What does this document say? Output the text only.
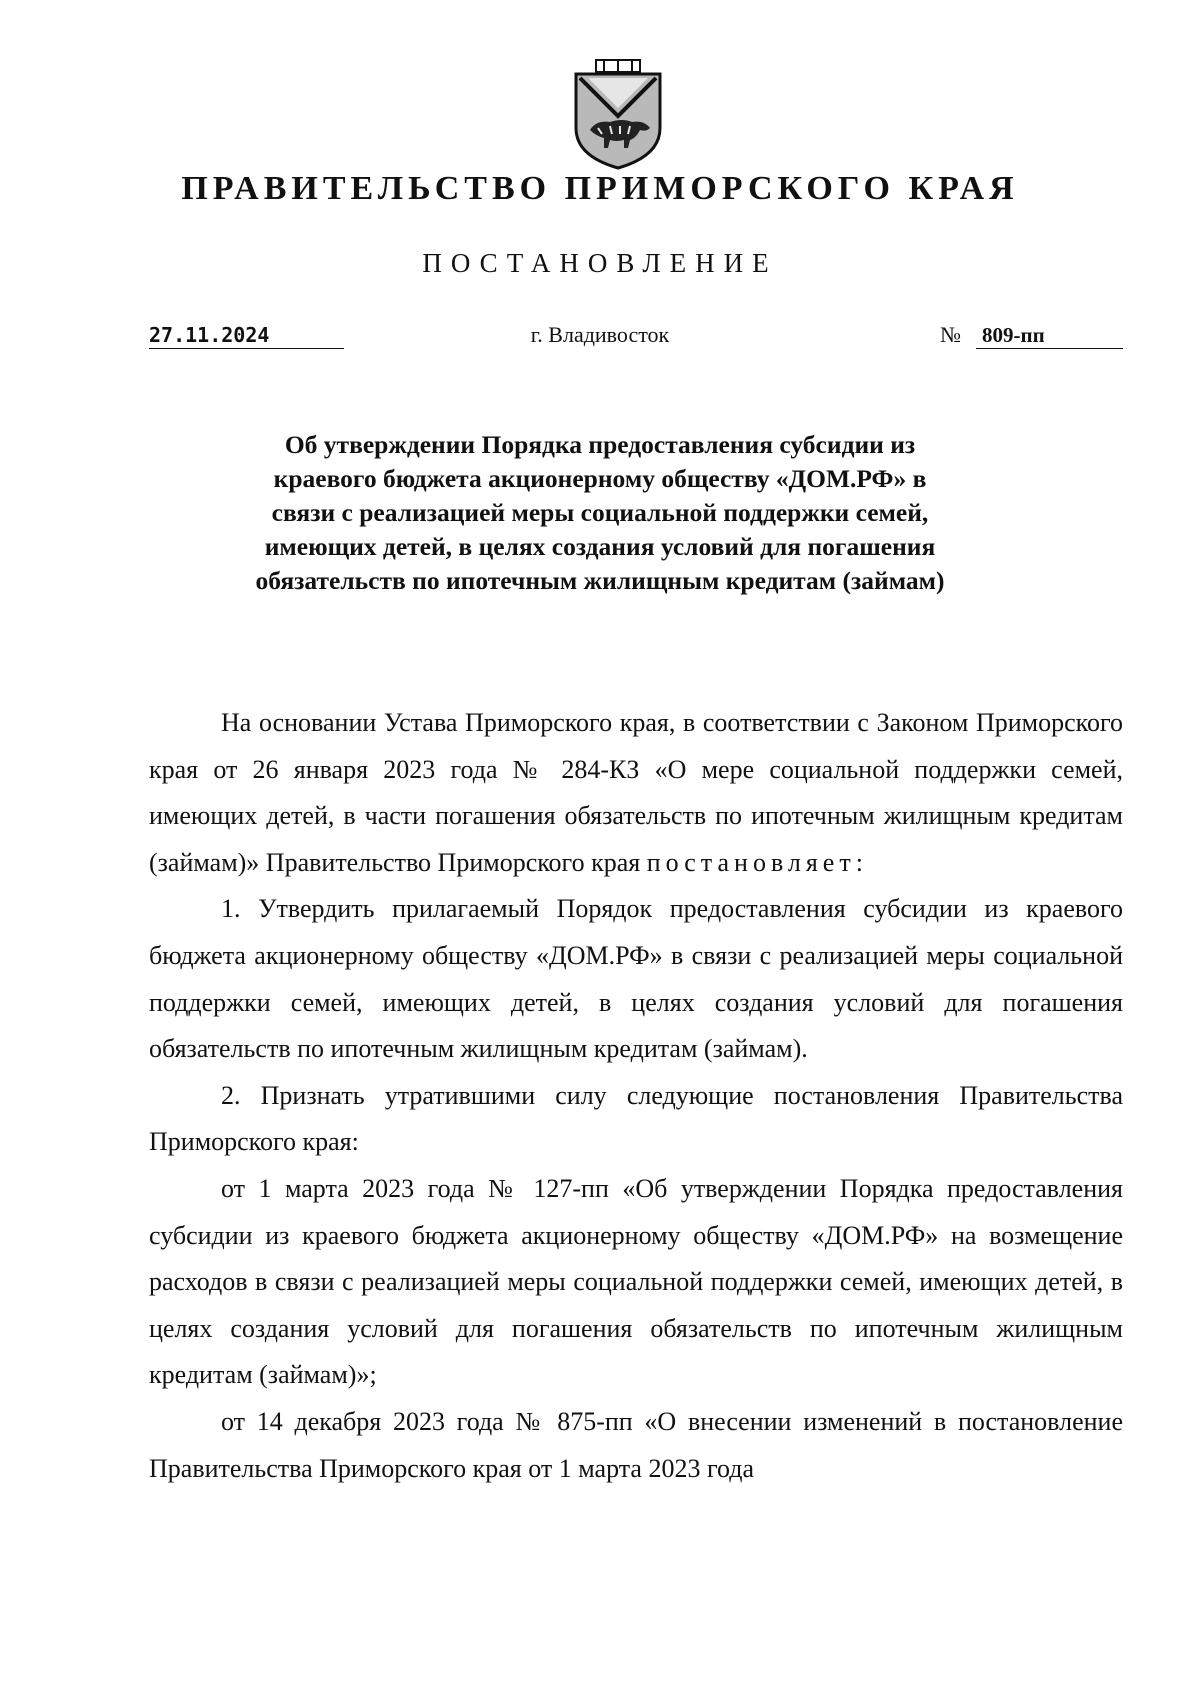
ПРАВИТЕЛЬСТВО ПРИМОРСКОГО КРАЯ
ПОСТАНОВЛЕНИЕ
27.11.2024	г. Владивосток	№ 809-пп
Об утверждении Порядка предоставления субсидии из краевого бюджета акционерному обществу «ДОМ.РФ» в связи с реализацией меры социальной поддержки семей, имеющих детей, в целях создания условий для погашения обязательств по ипотечным жилищным кредитам (займам)

На основании Устава Приморского края, в соответствии с Законом Приморского края от 26 января 2023 года № 284-КЗ «О мере социальной поддержки семей, имеющих детей, в части погашения обязательств по ипотечным жилищным кредитам (займам)» Правительство Приморского края постановляет:

1. Утвердить прилагаемый Порядок предоставления субсидии из краевого бюджета акционерному обществу «ДОМ.РФ» в связи с реализацией меры социальной поддержки семей, имеющих детей, в целях создания условий для погашения обязательств по ипотечным жилищным кредитам (займам).

2. Признать утратившими силу следующие постановления Правительства Приморского края:

от 1 марта 2023 года № 127-пп «Об утверждении Порядка предоставления субсидии из краевого бюджета акционерному обществу «ДОМ.РФ» на возмещение расходов в связи с реализацией меры социальной поддержки семей, имеющих детей, в целях создания условий для погашения обязательств по ипотечным жилищным кредитам (займам)»;

от 14 декабря 2023 года № 875-пп «О внесении изменений в постановление Правительства Приморского края от 1 марта 2023 года
